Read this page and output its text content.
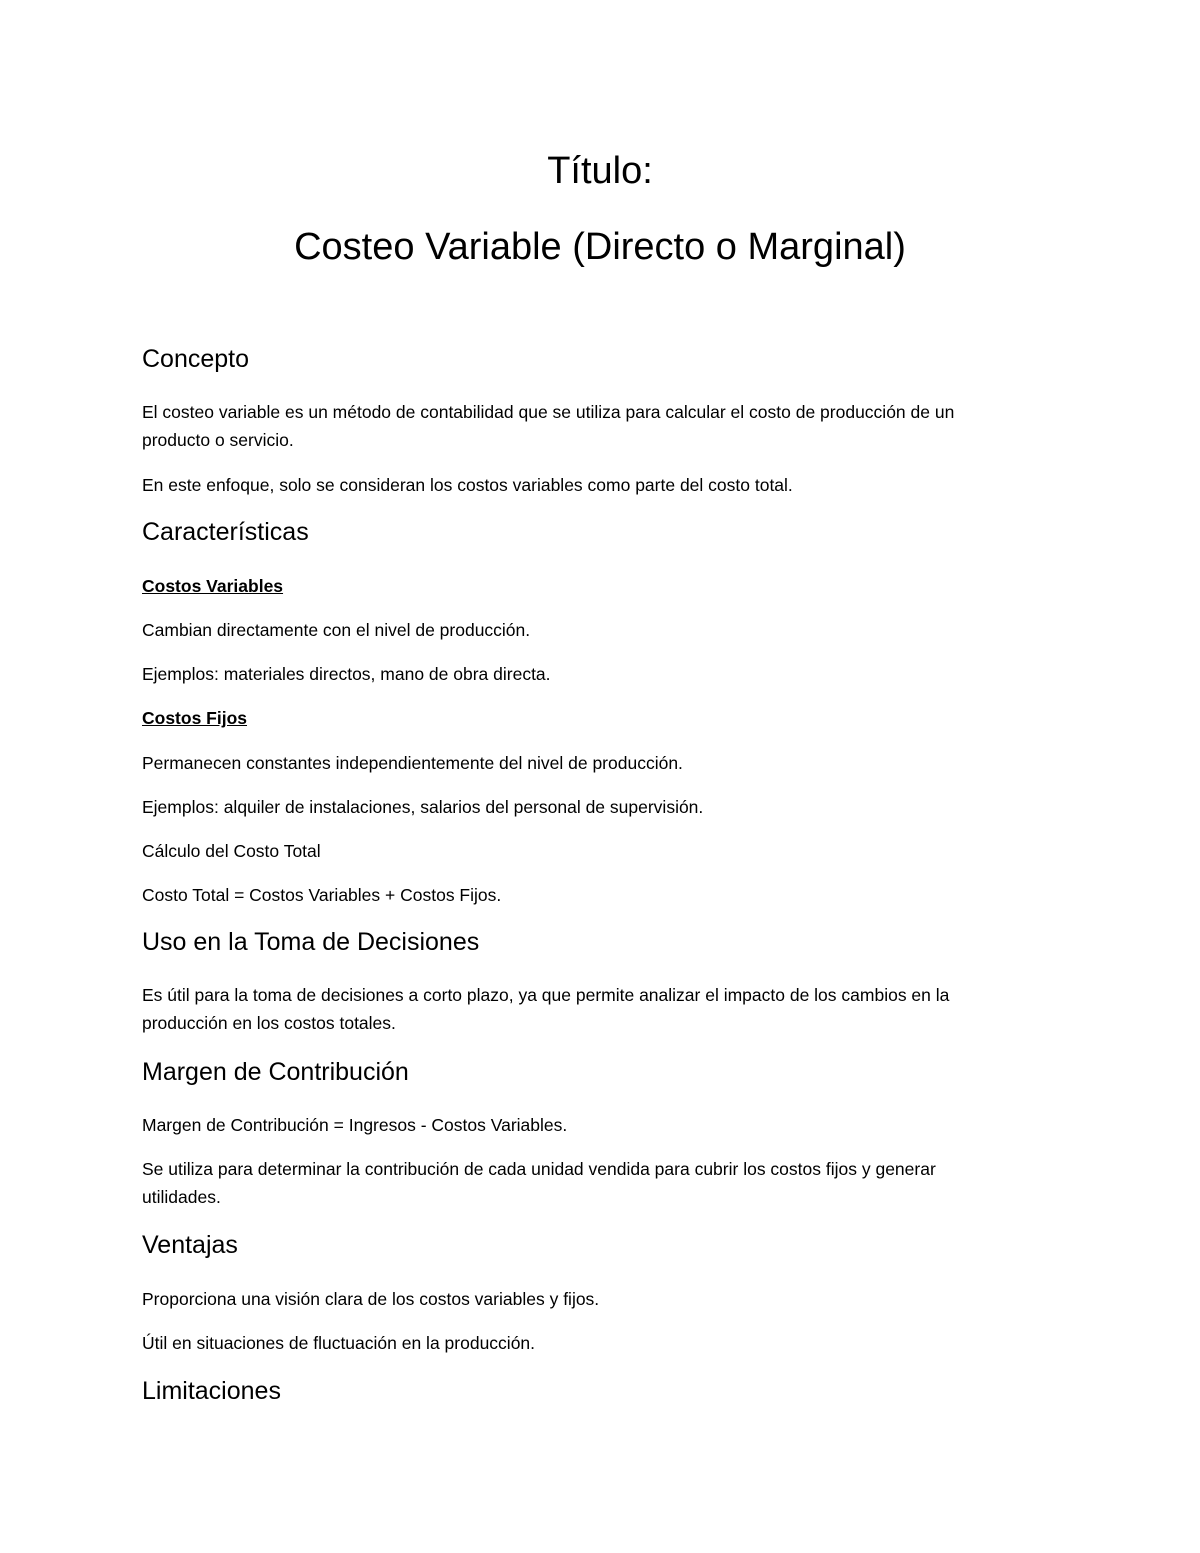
Título:
Costeo Variable (Directo o Marginal)
Concepto

El costeo variable es un método de contabilidad que se utiliza para calcular el costo de producción de un

producto o servicio.

En este enfoque, solo se consideran los costos variables como parte del costo total.

Características

Costos Variables

Cambian directamente con el nivel de producción.

Ejemplos: materiales directos, mano de obra directa.

Costos Fijos

Permanecen constantes independientemente del nivel de producción.

Ejemplos: alquiler de instalaciones, salarios del personal de supervisión.

Cálculo del Costo Total

Costo Total = Costos Variables + Costos Fijos.

Uso en la Toma de Decisiones

Es útil para la toma de decisiones a corto plazo, ya que permite analizar el impacto de los cambios en la

producción en los costos totales.

Margen de Contribución

Margen de Contribución = Ingresos - Costos Variables.

Se utiliza para determinar la contribución de cada unidad vendida para cubrir los costos fijos y generar

utilidades.

Ventajas

Proporciona una visión clara de los costos variables y fijos.

Útil en situaciones de fluctuación en la producción.

Limitaciones
